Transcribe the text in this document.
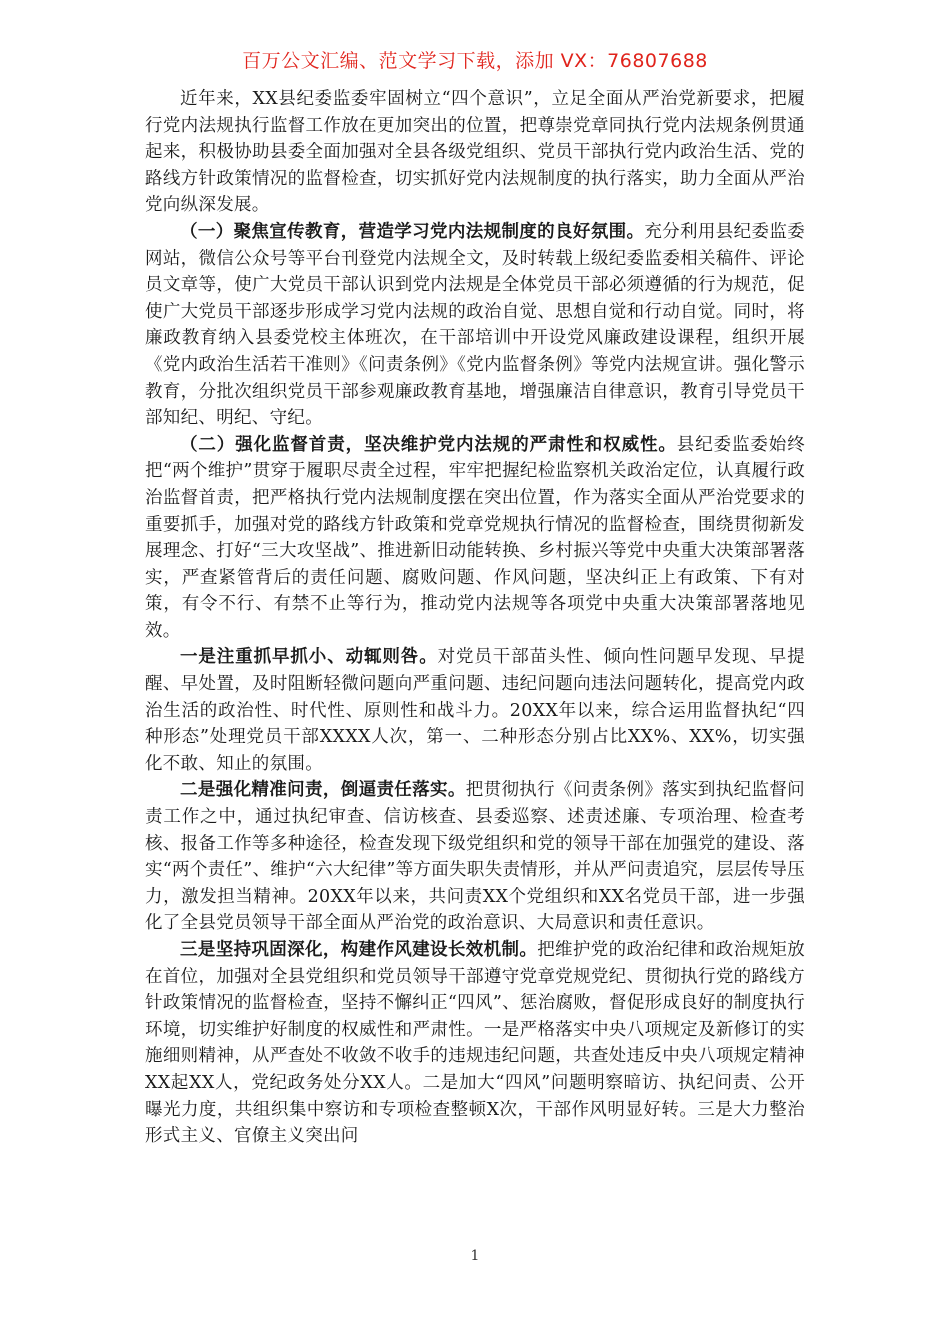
百万公文汇编、范文学习下载，添加 VX：76807688

近年来，XX县纪委监委牢固树立“四个意识”，立足全面从严治党新要求，把履行党内法规执行监督工作放在更加突出的位置，把尊崇党章同执行党内法规条例贯通起来，积极协助县委全面加强对全县各级党组织、党员干部执行党内政治生活、党的路线方针政策情况的监督检查，切实抓好党内法规制度的执行落实，助力全面从严治党向纵深发展。

（一）聚焦宣传教育，营造学习党内法规制度的良好氛围。充分利用县纪委监委网站，微信公众号等平台刊登党内法规全文，及时转载上级纪委监委相关稿件、评论员文章等，使广大党员干部认识到党内法规是全体党员干部必须遵循的行为规范，促使广大党员干部逐步形成学习党内法规的政治自觉、思想自觉和行动自觉。同时，将廉政教育纳入县委党校主体班次，在干部培训中开设党风廉政建设课程，组织开展《党内政治生活若干准则》《问责条例》《党内监督条例》等党内法规宣讲。强化警示教育，分批次组织党员干部参观廉政教育基地，增强廉洁自律意识，教育引导党员干部知纪、明纪、守纪。

（二）强化监督首责，坚决维护党内法规的严肃性和权威性。县纪委监委始终把“两个维护”贯穿于履职尽责全过程，牢牢把握纪检监察机关政治定位，认真履行政治监督首责，把严格执行党内法规制度摆在突出位置，作为落实全面从严治党要求的重要抓手，加强对党的路线方针政策和党章党规执行情况的监督检查，围绕贯彻新发展理念、打好“三大攻坚战”、推进新旧动能转换、乡村振兴等党中央重大决策部署落实，严查紧管背后的责任问题、腐败问题、作风问题，坚决纠正上有政策、下有对策，有令不行、有禁不止等行为，推动党内法规等各项党中央重大决策部署落地见效。

一是注重抓早抓小、动辄则咎。对党员干部苗头性、倾向性问题早发现、早提醒、早处置，及时阻断轻微问题向严重问题、违纪问题向违法问题转化，提高党内政治生活的政治性、时代性、原则性和战斗力。20XX年以来，综合运用监督执纪“四种形态”处理党员干部XXXX人次，第一、二种形态分别占比XX%、XX%，切实强化不敢、知止的氛围。

二是强化精准问责，倒逼责任落实。把贯彻执行《问责条例》落实到执纪监督问责工作之中，通过执纪审查、信访核查、县委巡察、述责述廉、专项治理、检查考核、报备工作等多种途径，检查发现下级党组织和党的领导干部在加强党的建设、落实“两个责任”、维护“六大纪律”等方面失职失责情形，并从严问责追究，层层传导压力，激发担当精神。20XX年以来，共问责XX个党组织和XX名党员干部，进一步强化了全县党员领导干部全面从严治党的政治意识、大局意识和责任意识。

三是坚持巩固深化，构建作风建设长效机制。把维护党的政治纪律和政治规矩放在首位，加强对全县党组织和党员领导干部遵守党章党规党纪、贯彻执行党的路线方针政策情况的监督检查，坚持不懈纠正“四风”、惩治腐败，督促形成良好的制度执行环境，切实维护好制度的权威性和严肃性。一是严格落实中央八项规定及新修订的实施细则精神，从严查处不收敛不收手的违规违纪问题，共查处违反中央八项规定精神XX起XX人，党纪政务处分XX人。二是加大“四风”问题明察暗访、执纪问责、公开曝光力度，共组织集中察访和专项检查整顿X次，干部作风明显好转。三是大力整治形式主义、官僚主义突出问

1
